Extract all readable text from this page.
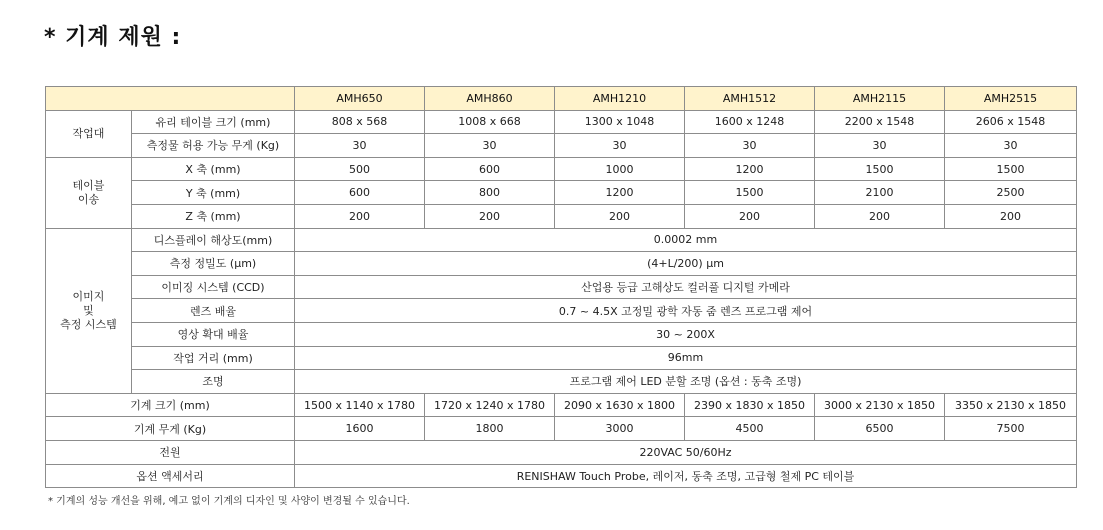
* 기계 제원 :
		AMH650	AMH860	AMH1210	AMH1512	AMH2115	AMH2515
작업대	유리 테이블 크기 (mm)	808 x 568	1008 x 668	1300 x 1048	1600 x 1248	2200 x 1548	2606 x 1548
	측정물 허용 가능 무게 (Kg)	30	30	30	30	30	30
테이블
이송	X 축 (mm)	500	600	1000	1200	1500	1500
	Y 축 (mm)	600	800	1200	1500	2100	2500
	Z 축 (mm)	200	200	200	200	200	200
이미지
및
측정 시스템	디스플레이 해상도(mm)	0.0002 mm					
	측정 정밀도 (μm)	(4+L/200) μm					
	이미징 시스템 (CCD)	산업용 등급 고해상도 컬러풀 디지털 카메라					
	렌즈 배율	0.7 ~ 4.5X 고정밀 광학 자동 줌 렌즈 프로그램 제어					
	영상 확대 배율	30 ~ 200X					
	작업 거리 (mm)	96mm					
	조명	프로그램 제어 LED 분할 조명 (옵션 : 동축 조명)					
기계 크기 (mm)		1500 x 1140 x 1780	1720 x 1240 x 1780	2090 x 1630 x 1800	2390 x 1830 x 1850	3000 x 2130 x 1850	3350 x 2130 x 1850
기계 무게 (Kg)		1600	1800	3000	4500	6500	7500
전원		220VAC 50/60Hz					
옵션 액세서리		RENISHAW Touch Probe, 레이저, 동축 조명, 고급형 철제 PC 테이블					
* 기계의 성능 개선을 위해, 예고 없이 기계의 디자인 및 사양이 변경될 수 있습니다.
